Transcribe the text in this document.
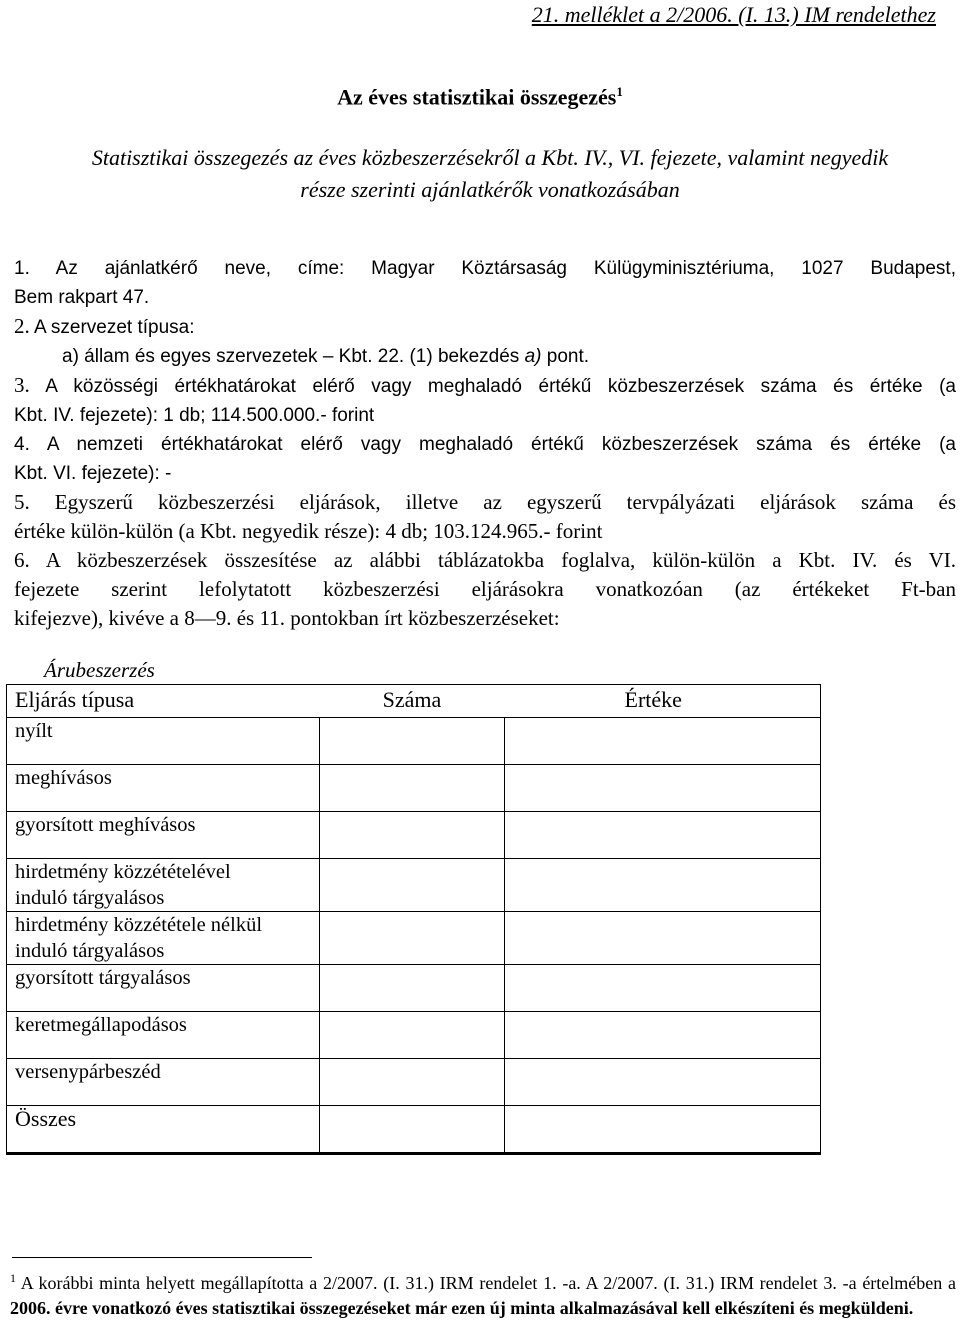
21. melléklet a 2/2006. (I. 13.) IM rendelethez
Az éves statisztikai összegezés$^1$
Statisztikai összegezés az éves közbeszerzésekről a Kbt. IV., VI. fejezete, valamint negyedik
része szerinti ajánlatkérők vonatkozásában
1. Az ajánlatkérő neve, címe: Magyar Köztársaság Külügyminisztériuma, 1027 Budapest,
Bem rakpart 47.
2. A szervezet típusa:
a) állam és egyes szervezetek – Kbt. 22. (1) bekezdés a) pont.
3. A közösségi értékhatárokat elérő vagy meghaladó értékű közbeszerzések száma és értéke (a
Kbt. IV. fejezete): 1 db; 114.500.000.- forint
4. A nemzeti értékhatárokat elérő vagy meghaladó értékű közbeszerzések száma és értéke (a
Kbt. VI. fejezete): -
5. Egyszerű közbeszerzési eljárások, illetve az egyszerű tervpályázati eljárások száma és
értéke külön-külön (a Kbt. negyedik része): 4 db; 103.124.965.- forint
6. A közbeszerzések összesítése az alábbi táblázatokba foglalva, külön-külön a Kbt. IV. és VI.
fejezete szerint lefolytatott közbeszerzési eljárásokra vonatkozóan (az értékeket Ft-ban
kifejezve), kivéve a 8—9. és 11. pontokban írt közbeszerzéseket:
Árubeszerzés
Eljárás típusa	Száma	Értéke

nyílt		

meghívásos		

gyorsított meghívásos		

hirdetmény közzétételével
induló tárgyalásos		

hirdetmény közzététele nélkül
induló tárgyalásos		

gyorsított tárgyalásos		

keretmegállapodásos		

versenypárbeszéd		

Összes		

$^1$ A korábbi minta helyett megállapította a 2/2007. (I. 31.) IRM rendelet 1. -a. A 2/2007. (I. 31.) IRM rendelet 3. -a értelmében a 2006. évre vonatkozó éves statisztikai összegezéseket már ezen új minta alkalmazásával kell elkészíteni és megküldeni.
